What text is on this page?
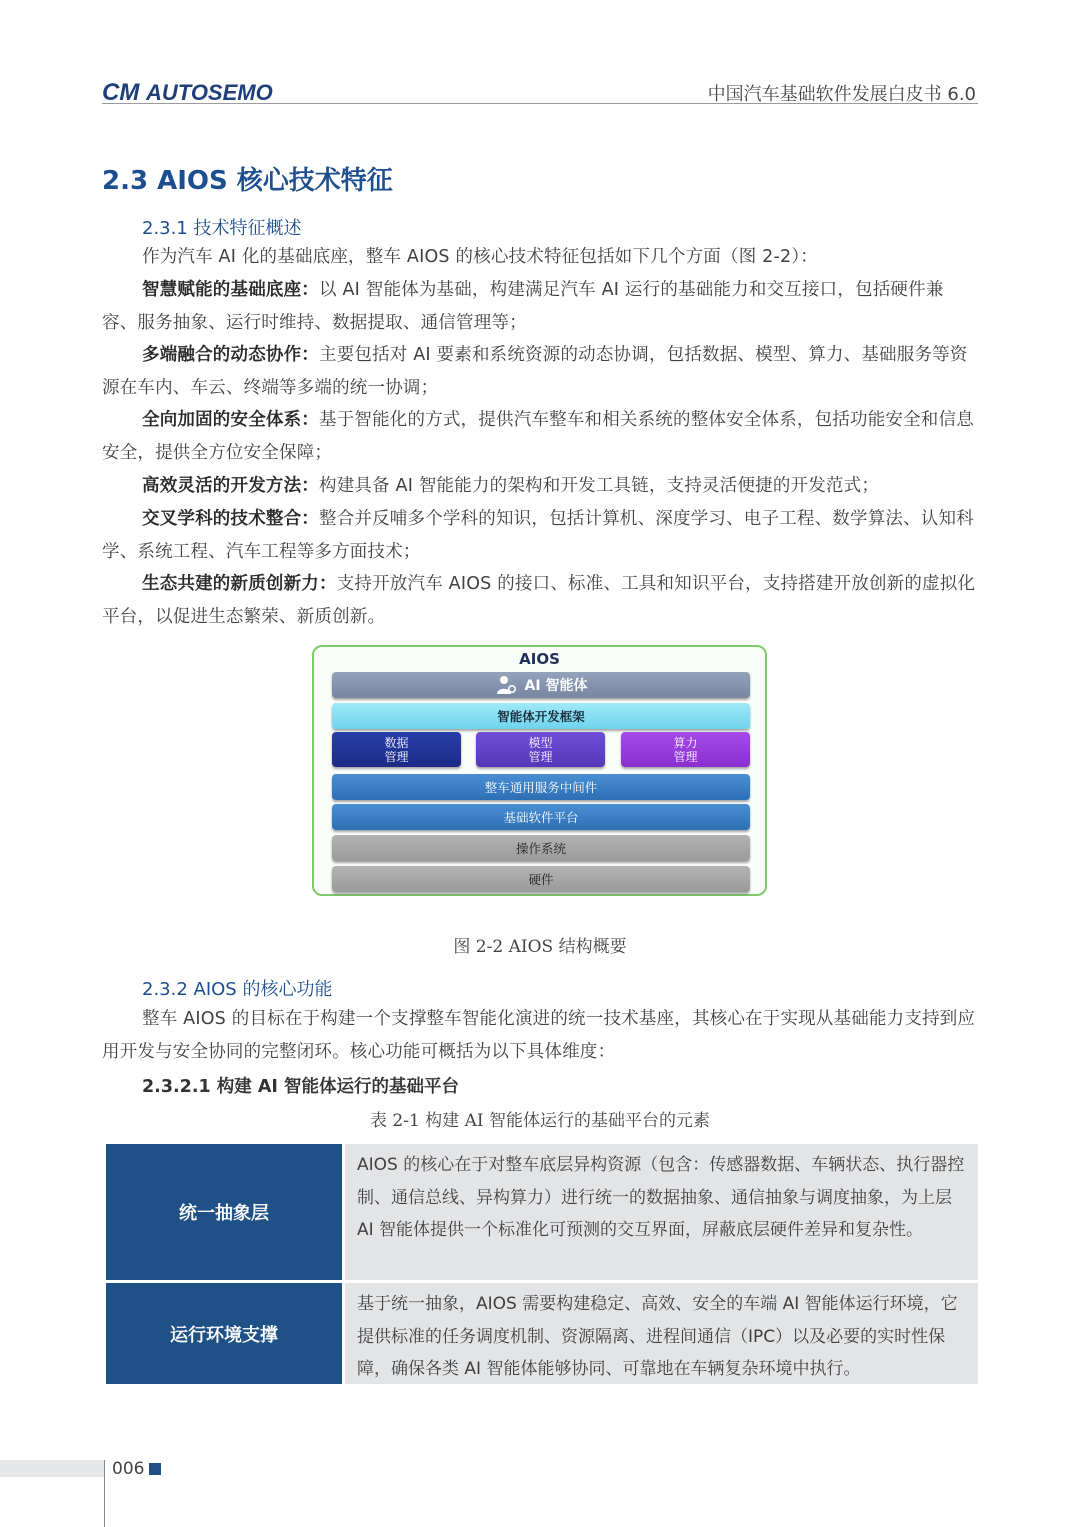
CM AUTOSEMO	中国汽车基础软件发展白皮书 6.0
2.3 AIOS 核心技术特征
2.3.1 技术特征概述

作为汽车 AI 化的基础底座，整车 AIOS 的核心技术特征包括如下几个方面（图 2-2）：

智慧赋能的基础底座：以 AI 智能体为基础，构建满足汽车 AI 运行的基础能力和交互接口，包括硬件兼容、服务抽象、运行时维持、数据提取、通信管理等；

多端融合的动态协作：主要包括对 AI 要素和系统资源的动态协调，包括数据、模型、算力、基础服务等资源在车内、车云、终端等多端的统一协调；

全向加固的安全体系：基于智能化的方式，提供汽车整车和相关系统的整体安全体系，包括功能安全和信息安全，提供全方位安全保障；

高效灵活的开发方法：构建具备 AI 智能能力的架构和开发工具链，支持灵活便捷的开发范式；

交叉学科的技术整合：整合并反哺多个学科的知识，包括计算机、深度学习、电子工程、数学算法、认知科学、系统工程、汽车工程等多方面技术；

生态共建的新质创新力：支持开放汽车 AIOS 的接口、标准、工具和知识平台，支持搭建开放创新的虚拟化平台，以促进生态繁荣、新质创新。

AIOS
AI 智能体
智能体开发框架
数据
管理
模型
管理
算力
管理
整车通用服务中间件
基础软件平台
操作系统
硬件
图 2-2 AIOS 结构概要
2.3.2 AIOS 的核心功能

整车 AIOS 的目标在于构建一个支撑整车智能化演进的统一技术基座，其核心在于实现从基础能力支持到应用开发与安全协同的完整闭环。核心功能可概括为以下具体维度：

2.3.2.1 构建 AI 智能体运行的基础平台
表 2-1 构建 AI 智能体运行的基础平台的元素
统一抽象层
AIOS 的核心在于对整车底层异构资源（包含：传感器数据、车辆状态、执行器控制、通信总线、异构算力）进行统一的数据抽象、通信抽象与调度抽象，为上层 AI 智能体提供一个标准化可预测的交互界面，屏蔽底层硬件差异和复杂性。
运行环境支撑
基于统一抽象，AIOS 需要构建稳定、高效、安全的车端 AI 智能体运行环境，它提供标准的任务调度机制、资源隔离、进程间通信（IPC）以及必要的实时性保障，确保各类 AI 智能体能够协同、可靠地在车辆复杂环境中执行。
006
